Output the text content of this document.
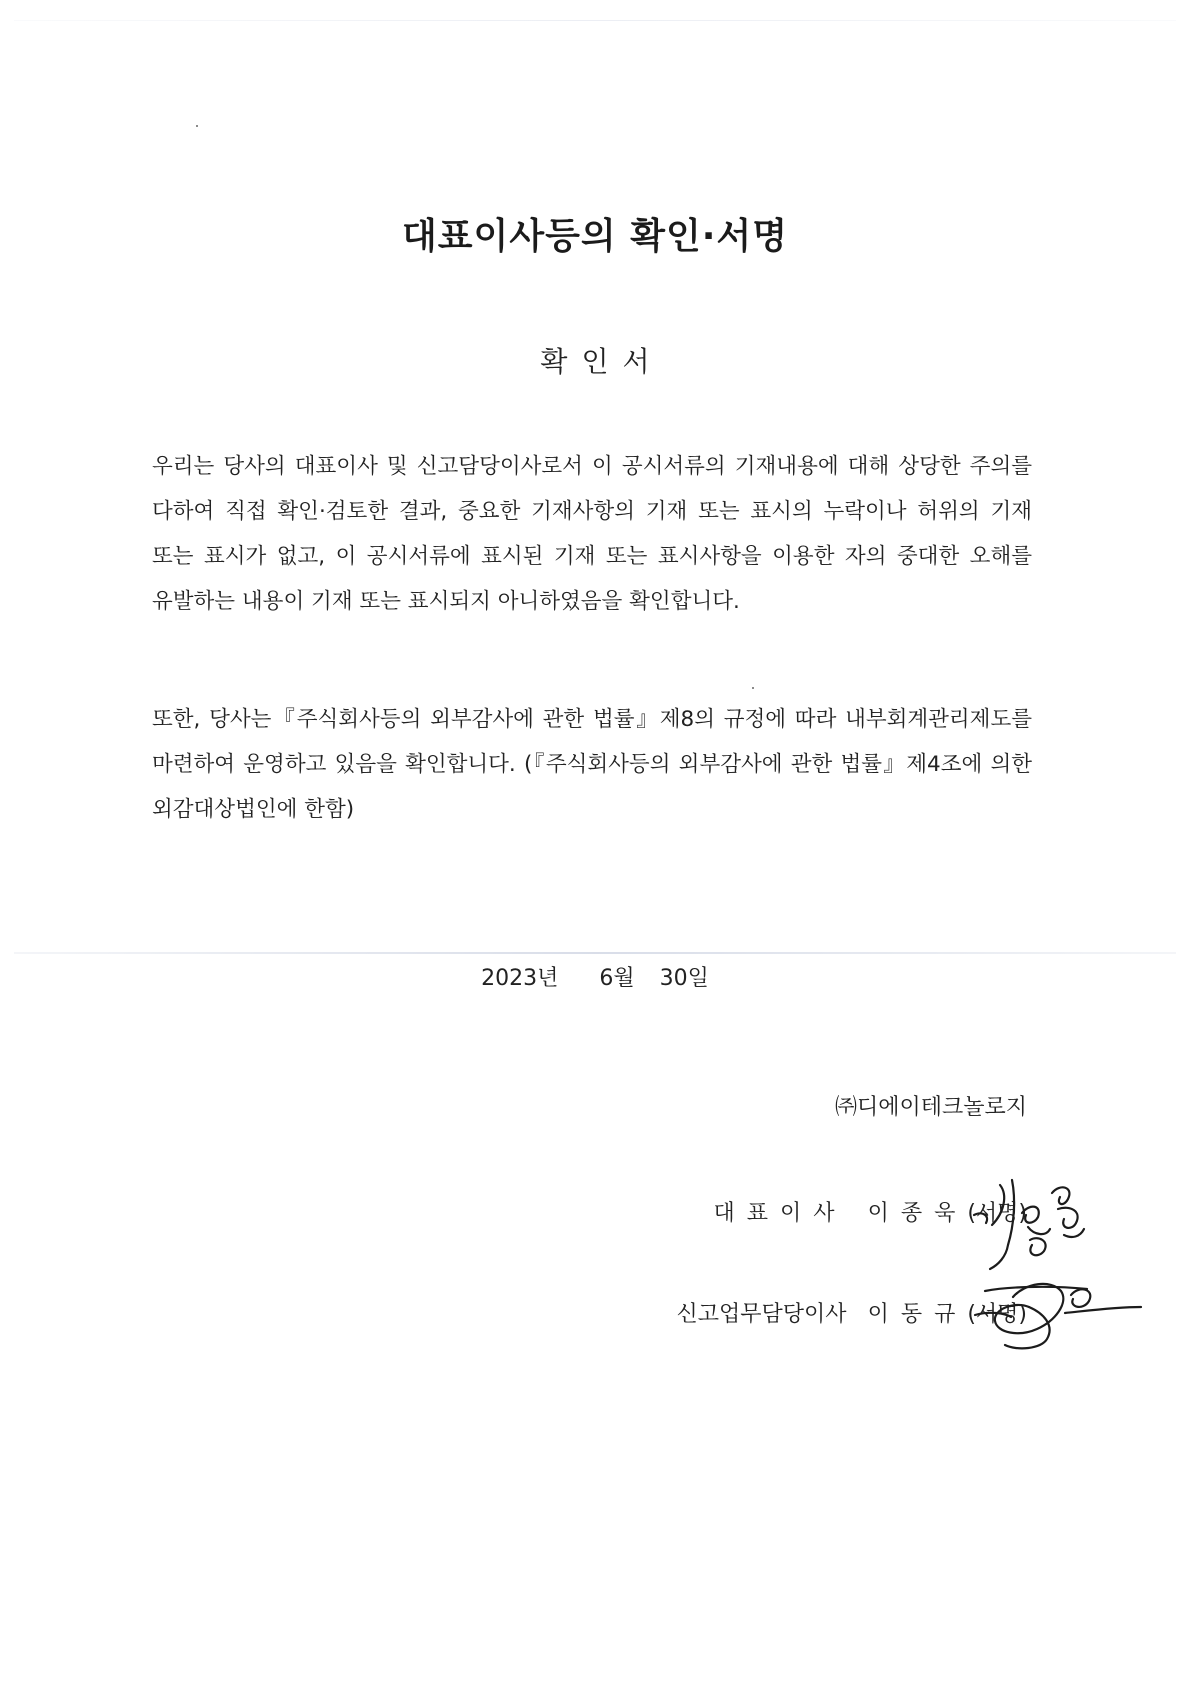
대표이사등의 확인·서명
확인서
우리는 당사의 대표이사 및 신고담당이사로서 이 공시서류의 기재내용에 대해 상당한 주의를 다하여 직접 확인·검토한 결과, 중요한 기재사항의 기재 또는 표시의 누락이나 허위의 기재 또는 표시가 없고, 이 공시서류에 표시된 기재 또는 표시사항을 이용한 자의 중대한 오해를 유발하는 내용이 기재 또는 표시되지 아니하였음을 확인합니다.
또한, 당사는『주식회사등의 외부감사에 관한 법률』제8의 규정에 따라 내부회계관리제도를 마련하여 운영하고 있음을 확인합니다. (『주식회사등의 외부감사에 관한 법률』제4조에 의한 외감대상법인에 한함)
2023년 6월 30일
㈜디에이테크놀로지
대표이사 이종욱(서명)
신고업무담당이사 이동규(서명)
